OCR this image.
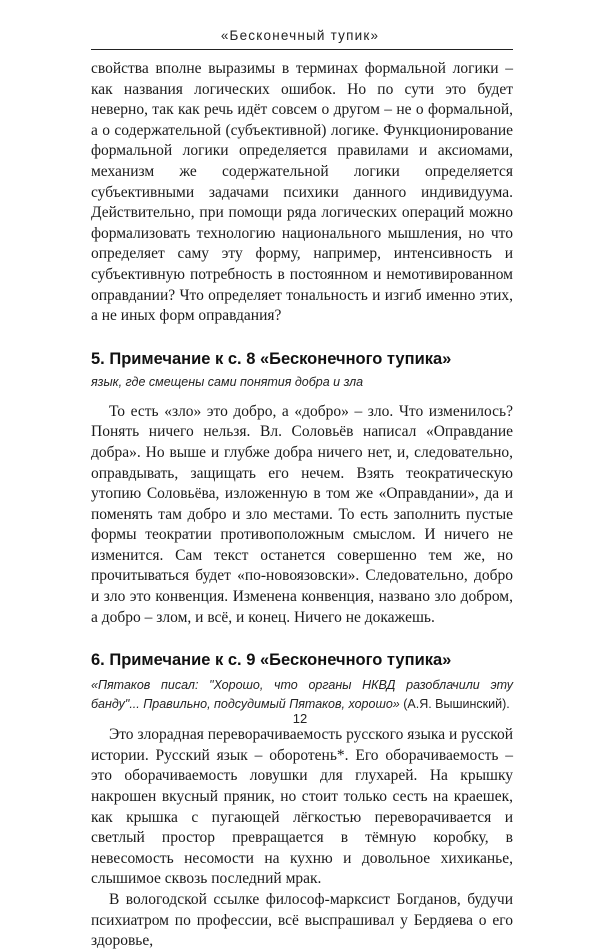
«Бесконечный тупик»

свойства вполне выразимы в терминах формальной логики – как названия логических ошибок. Но по сути это будет неверно, так как речь идёт совсем о другом – не о формальной, а о содержательной (субъективной) логике. Функционирование формальной логики определяется правилами и аксиомами, механизм же содержательной логики определяется субъективными задачами психики данного индивидуума. Действительно, при помощи ряда логических операций можно формализовать технологию национального мышления, но что определяет саму эту форму, например, интенсивность и субъективную потребность в постоянном и немотивированном оправдании? Что определяет тональность и изгиб именно этих, а не иных форм оправдания?

5. Примечание к с. 8 «Бесконечного тупика»
язык, где смещены сами понятия добра и зла

То есть «зло» это добро, а «добро» – зло. Что изменилось? Понять ничего нельзя. Вл. Соловьёв написал «Оправдание добра». Но выше и глубже добра ничего нет, и, следовательно, оправдывать, защищать его нечем. Взять теократическую утопию Соловьёва, изложенную в том же «Оправдании», да и поменять там добро и зло местами. То есть заполнить пустые формы теократии противоположным смыслом. И ничего не изменится. Сам текст останется совершенно тем же, но прочитываться будет «по-новоязовски». Следовательно, добро и зло это конвенция. Изменена конвенция, названо зло добром, а добро – злом, и всё, и конец. Ничего не докажешь.

6. Примечание к с. 9 «Бесконечного тупика»
«Пятаков писал: "Хорошо, что органы НКВД разоблачили эту банду"... Правильно, подсудимый Пятаков, хорошо» (А.Я. Вышинский).

Это злорадная переворачиваемость русского языка и русской истории. Русский язык – оборотень*. Его оборачиваемость – это оборачиваемость ловушки для глухарей. На крышку накрошен вкусный пряник, но стоит только сесть на краешек, как крышка с пугающей лёгкостью переворачивается и светлый простор превращается в тёмную коробку, в невесомость несомости на кухню и довольное хихиканье, слышимое сквозь последний мрак.

В вологодской ссылке философ-марксист Богданов, будучи психиатром по профессии, всё выспрашивал у Бердяева о его здоровье,

12
